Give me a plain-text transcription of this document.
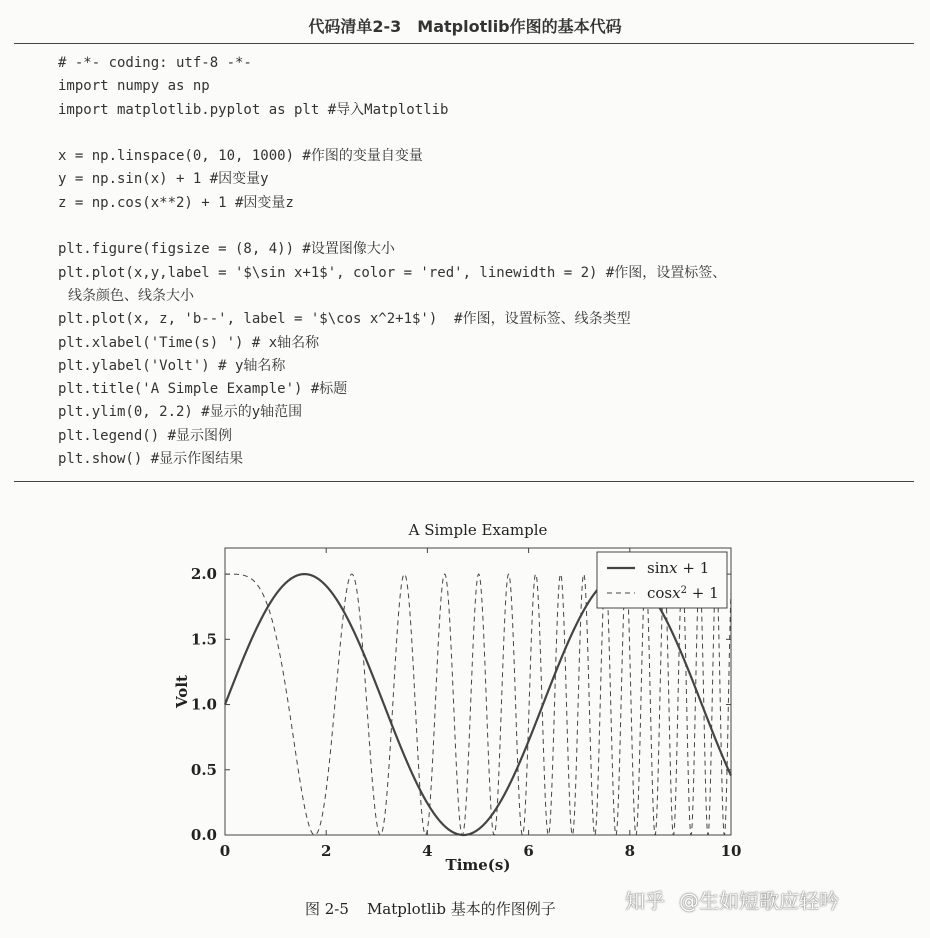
代码清单2-3　Matplotlib作图的基本代码
# -*- coding: utf-8 -*-
import numpy as np
import matplotlib.pyplot as plt #导入Matplotlib
x = np.linspace(0, 10, 1000) #作图的变量自变量
y = np.sin(x) + 1 #因变量y
z = np.cos(x**2) + 1 #因变量z
plt.figure(figsize = (8, 4)) #设置图像大小
plt.plot(x,y,label = '$\sin x+1$', color = 'red', linewidth = 2) #作图，设置标签、
线条颜色、线条大小
plt.plot(x, z, 'b--', label = '$\cos x^2+1$')  #作图，设置标签、线条类型
plt.xlabel('Time(s) ') # x轴名称
plt.ylabel('Volt') # y轴名称
plt.title('A Simple Example') #标题
plt.ylim(0, 2.2) #显示的y轴范围
plt.legend() #显示图例
plt.show() #显示作图结果
A Simple Example
0	2	4	6	8	10
0.0
0.5
1.0
1.5
2.0
Time(s)
Volt
sinx + 1
cosx$^2$ + 1
图 2-5 Matplotlib 基本的作图例子	知乎 @生如短歌应轻吟
